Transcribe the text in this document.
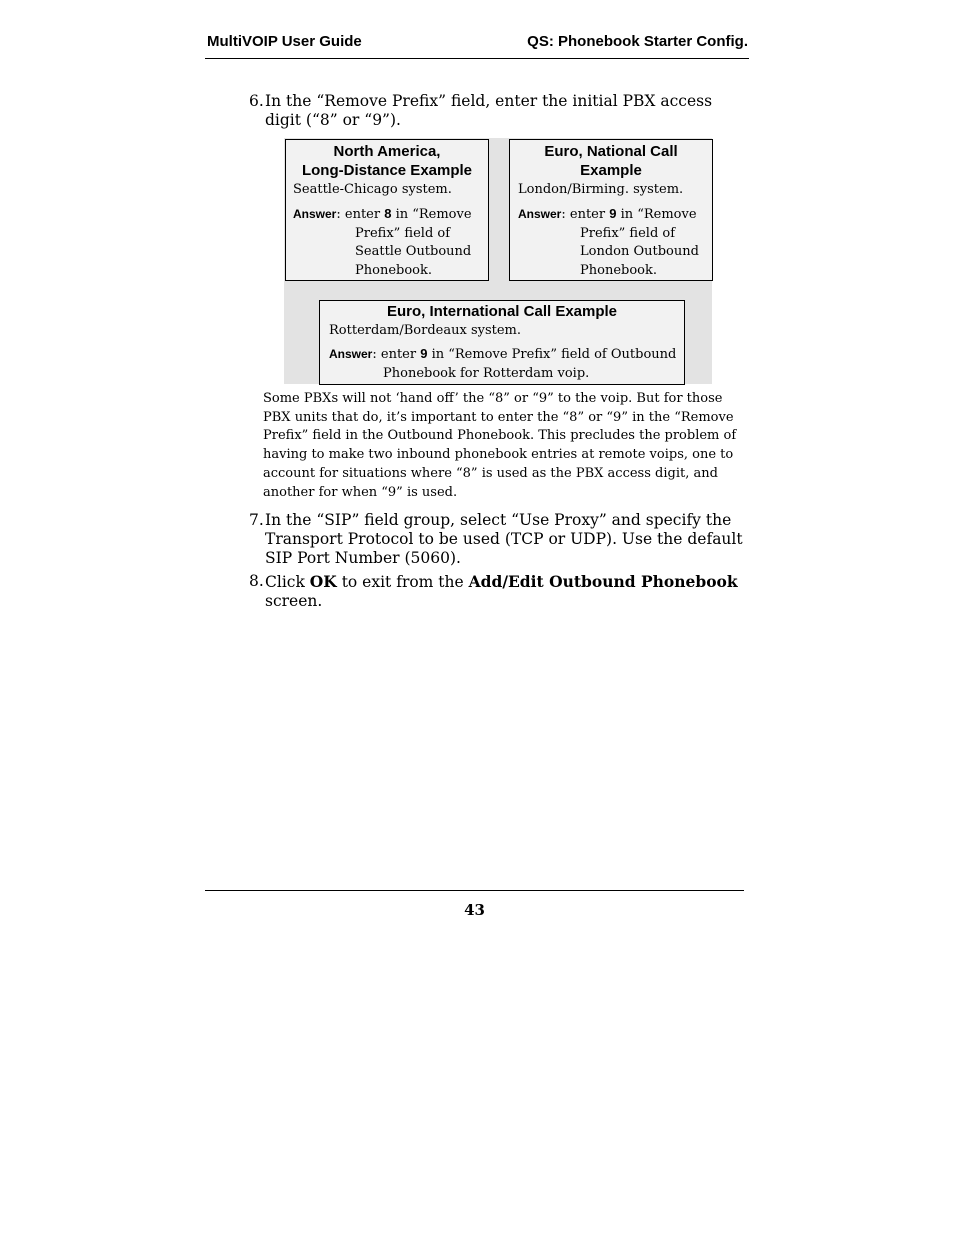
MultiVOIP User Guide	QS: Phonebook Starter Config.
6. In the “Remove Prefix” field, enter the initial PBX access digit (“8” or “9”).
North America,
Long-Distance Example
Seattle-Chicago system.
Answer: enter 8 in “Remove
Prefix” field of
Seattle Outbound
Phonebook.
Euro, National Call
Example
London/Birming. system.
Answer: enter 9 in “Remove
Prefix” field of
London Outbound
Phonebook.
Euro, International Call Example
Rotterdam/Bordeaux system.
Answer: enter 9 in “Remove Prefix” field of Outbound
Phonebook for Rotterdam voip.
Some PBXs will not ‘hand off’ the “8” or “9” to the voip. But for those PBX units that do, it’s important to enter the “8” or “9” in the “Remove Prefix” field in the Outbound Phonebook. This precludes the problem of having to make two inbound phonebook entries at remote voips, one to account for situations where “8” is used as the PBX access digit, and another for when “9” is used.
7. In the “SIP” field group, select “Use Proxy” and specify the Transport Protocol to be used (TCP or UDP). Use the default SIP Port Number (5060).
8. Click OK to exit from the Add/Edit Outbound Phonebook screen.
43
